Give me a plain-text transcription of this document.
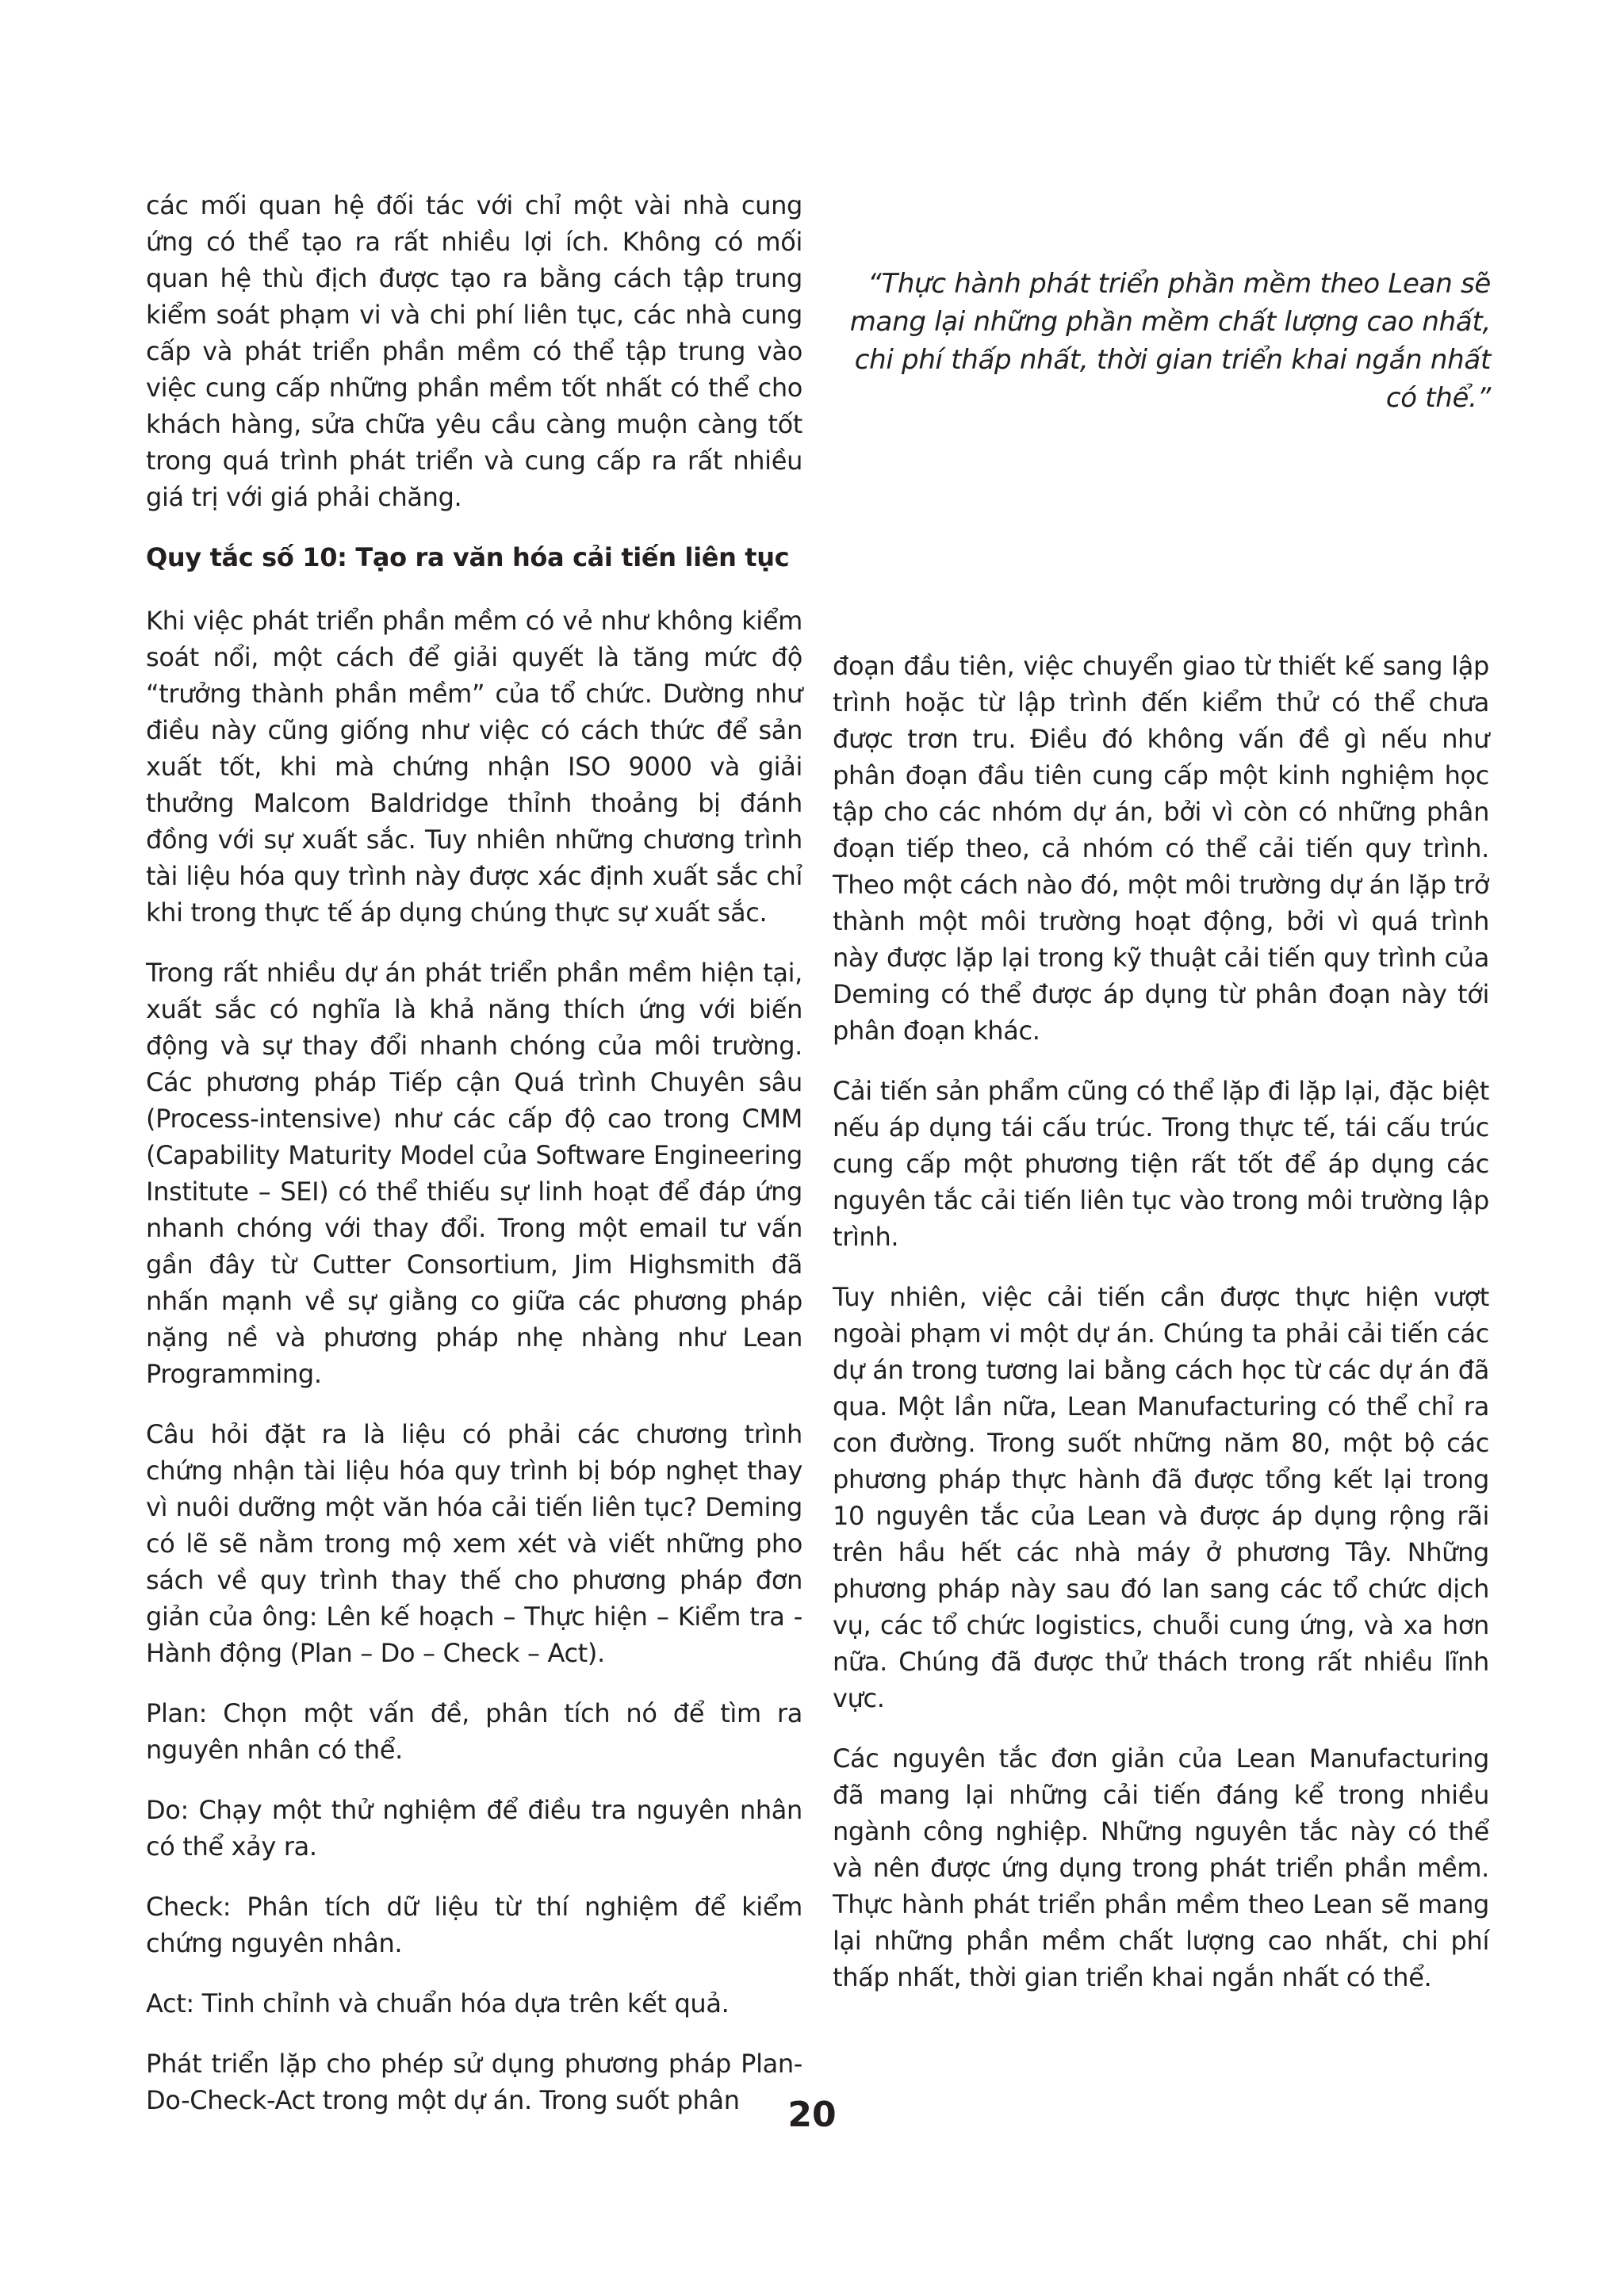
các mối quan hệ đối tác với chỉ một vài nhà cung ứng có thể tạo ra rất nhiều lợi ích. Không có mối quan hệ thù địch được tạo ra bằng cách tập trung kiểm soát phạm vi và chi phí liên tục, các nhà cung cấp và phát triển phần mềm có thể tập trung vào việc cung cấp những phần mềm tốt nhất có thể cho khách hàng, sửa chữa yêu cầu càng muộn càng tốt trong quá trình phát triển và cung cấp ra rất nhiều giá trị với giá phải chăng.

Quy tắc số 10: Tạo ra văn hóa cải tiến liên tục

Khi việc phát triển phần mềm có vẻ như không kiểm soát nổi, một cách để giải quyết là tăng mức độ “trưởng thành phần mềm” của tổ chức. Dường như điều này cũng giống như việc có cách thức để sản xuất tốt, khi mà chứng nhận ISO 9000 và giải thưởng Malcom Baldridge thỉnh thoảng bị đánh đồng với sự xuất sắc. Tuy nhiên những chương trình tài liệu hóa quy trình này được xác định xuất sắc chỉ khi trong thực tế áp dụng chúng thực sự xuất sắc.

Trong rất nhiều dự án phát triển phần mềm hiện tại, xuất sắc có nghĩa là khả năng thích ứng với biến động và sự thay đổi nhanh chóng của môi trường. Các phương pháp Tiếp cận Quá trình Chuyên sâu (Process-intensive) như các cấp độ cao trong CMM (Capability Maturity Model của Software Engineering Institute – SEI) có thể thiếu sự linh hoạt để đáp ứng nhanh chóng với thay đổi. Trong một email tư vấn gần đây từ Cutter Consortium, Jim Highsmith đã nhấn mạnh về sự giằng co giữa các phương pháp nặng nề và phương pháp nhẹ nhàng như Lean Programming.

Câu hỏi đặt ra là liệu có phải các chương trình chứng nhận tài liệu hóa quy trình bị bóp nghẹt thay vì nuôi dưỡng một văn hóa cải tiến liên tục? Deming có lẽ sẽ nằm trong mộ xem xét và viết những pho sách về quy trình thay thế cho phương pháp đơn giản của ông: Lên kế hoạch – Thực hiện – Kiểm tra - Hành động (Plan – Do – Check – Act).

Plan: Chọn một vấn đề, phân tích nó để tìm ra nguyên nhân có thể.

Do: Chạy một thử nghiệm để điều tra nguyên nhân có thể xảy ra.

Check: Phân tích dữ liệu từ thí nghiệm để kiểm chứng nguyên nhân.

Act: Tinh chỉnh và chuẩn hóa dựa trên kết quả.

Phát triển lặp cho phép sử dụng phương pháp Plan-Do-Check-Act trong một dự án. Trong suốt phân

“Thực hành phát triển phần mềm theo Lean sẽ mang lại những phần mềm chất lượng cao nhất, chi phí thấp nhất, thời gian triển khai ngắn nhất có thể.”

đoạn đầu tiên, việc chuyển giao từ thiết kế sang lập trình hoặc từ lập trình đến kiểm thử có thể chưa được trơn tru. Điều đó không vấn đề gì nếu như phân đoạn đầu tiên cung cấp một kinh nghiệm học tập cho các nhóm dự án, bởi vì còn có những phân đoạn tiếp theo, cả nhóm có thể cải tiến quy trình. Theo một cách nào đó, một môi trường dự án lặp trở thành một môi trường hoạt động, bởi vì quá trình này được lặp lại trong kỹ thuật cải tiến quy trình của Deming có thể được áp dụng từ phân đoạn này tới phân đoạn khác.

Cải tiến sản phẩm cũng có thể lặp đi lặp lại, đặc biệt nếu áp dụng tái cấu trúc. Trong thực tế, tái cấu trúc cung cấp một phương tiện rất tốt để áp dụng các nguyên tắc cải tiến liên tục vào trong môi trường lập trình.

Tuy nhiên, việc cải tiến cần được thực hiện vượt ngoài phạm vi một dự án. Chúng ta phải cải tiến các dự án trong tương lai bằng cách học từ các dự án đã qua. Một lần nữa, Lean Manufacturing có thể chỉ ra con đường. Trong suốt những năm 80, một bộ các phương pháp thực hành đã được tổng kết lại trong 10 nguyên tắc của Lean và được áp dụng rộng rãi trên hầu hết các nhà máy ở phương Tây. Những phương pháp này sau đó lan sang các tổ chức dịch vụ, các tổ chức logistics, chuỗi cung ứng, và xa hơn nữa. Chúng đã được thử thách trong rất nhiều lĩnh vực.

Các nguyên tắc đơn giản của Lean Manufacturing đã mang lại những cải tiến đáng kể trong nhiều ngành công nghiệp. Những nguyên tắc này có thể và nên được ứng dụng trong phát triển phần mềm. Thực hành phát triển phần mềm theo Lean sẽ mang lại những phần mềm chất lượng cao nhất, chi phí thấp nhất, thời gian triển khai ngắn nhất có thể.

20
